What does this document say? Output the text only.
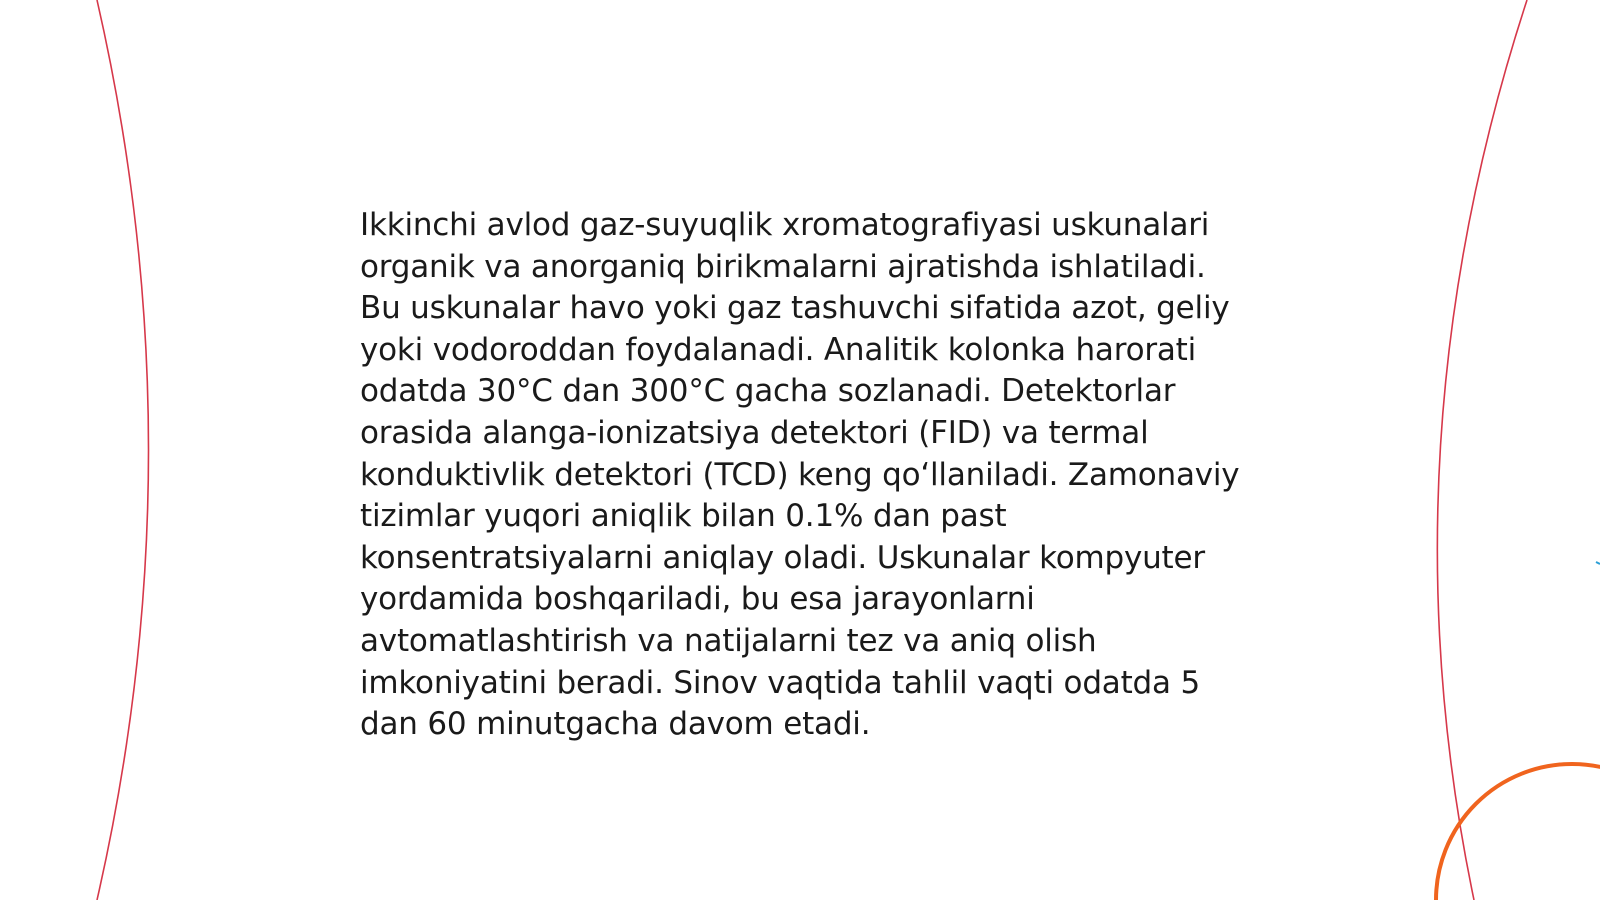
Ikkinchi avlod gaz-suyuqlik xromatografiyasi uskunalari organik va anorganiq birikmalarni ajratishda ishlatiladi. Bu uskunalar havo yoki gaz tashuvchi sifatida azot, geliy yoki vodoroddan foydalanadi. Analitik kolonka harorati odatda 30°C dan 300°C gacha sozlanadi. Detektorlar orasida alanga-ionizatsiya detektori (FID) va termal konduktivlik detektori (TCD) keng qo‘llaniladi. Zamonaviy tizimlar yuqori aniqlik bilan 0.1% dan past konsentratsiyalarni aniqlay oladi. Uskunalar kompyuter yordamida boshqariladi, bu esa jarayonlarni avtomatlashtirish va natijalarni tez va aniq olish imkoniyatini beradi. Sinov vaqtida tahlil vaqti odatda 5 dan 60 minutgacha davom etadi.
